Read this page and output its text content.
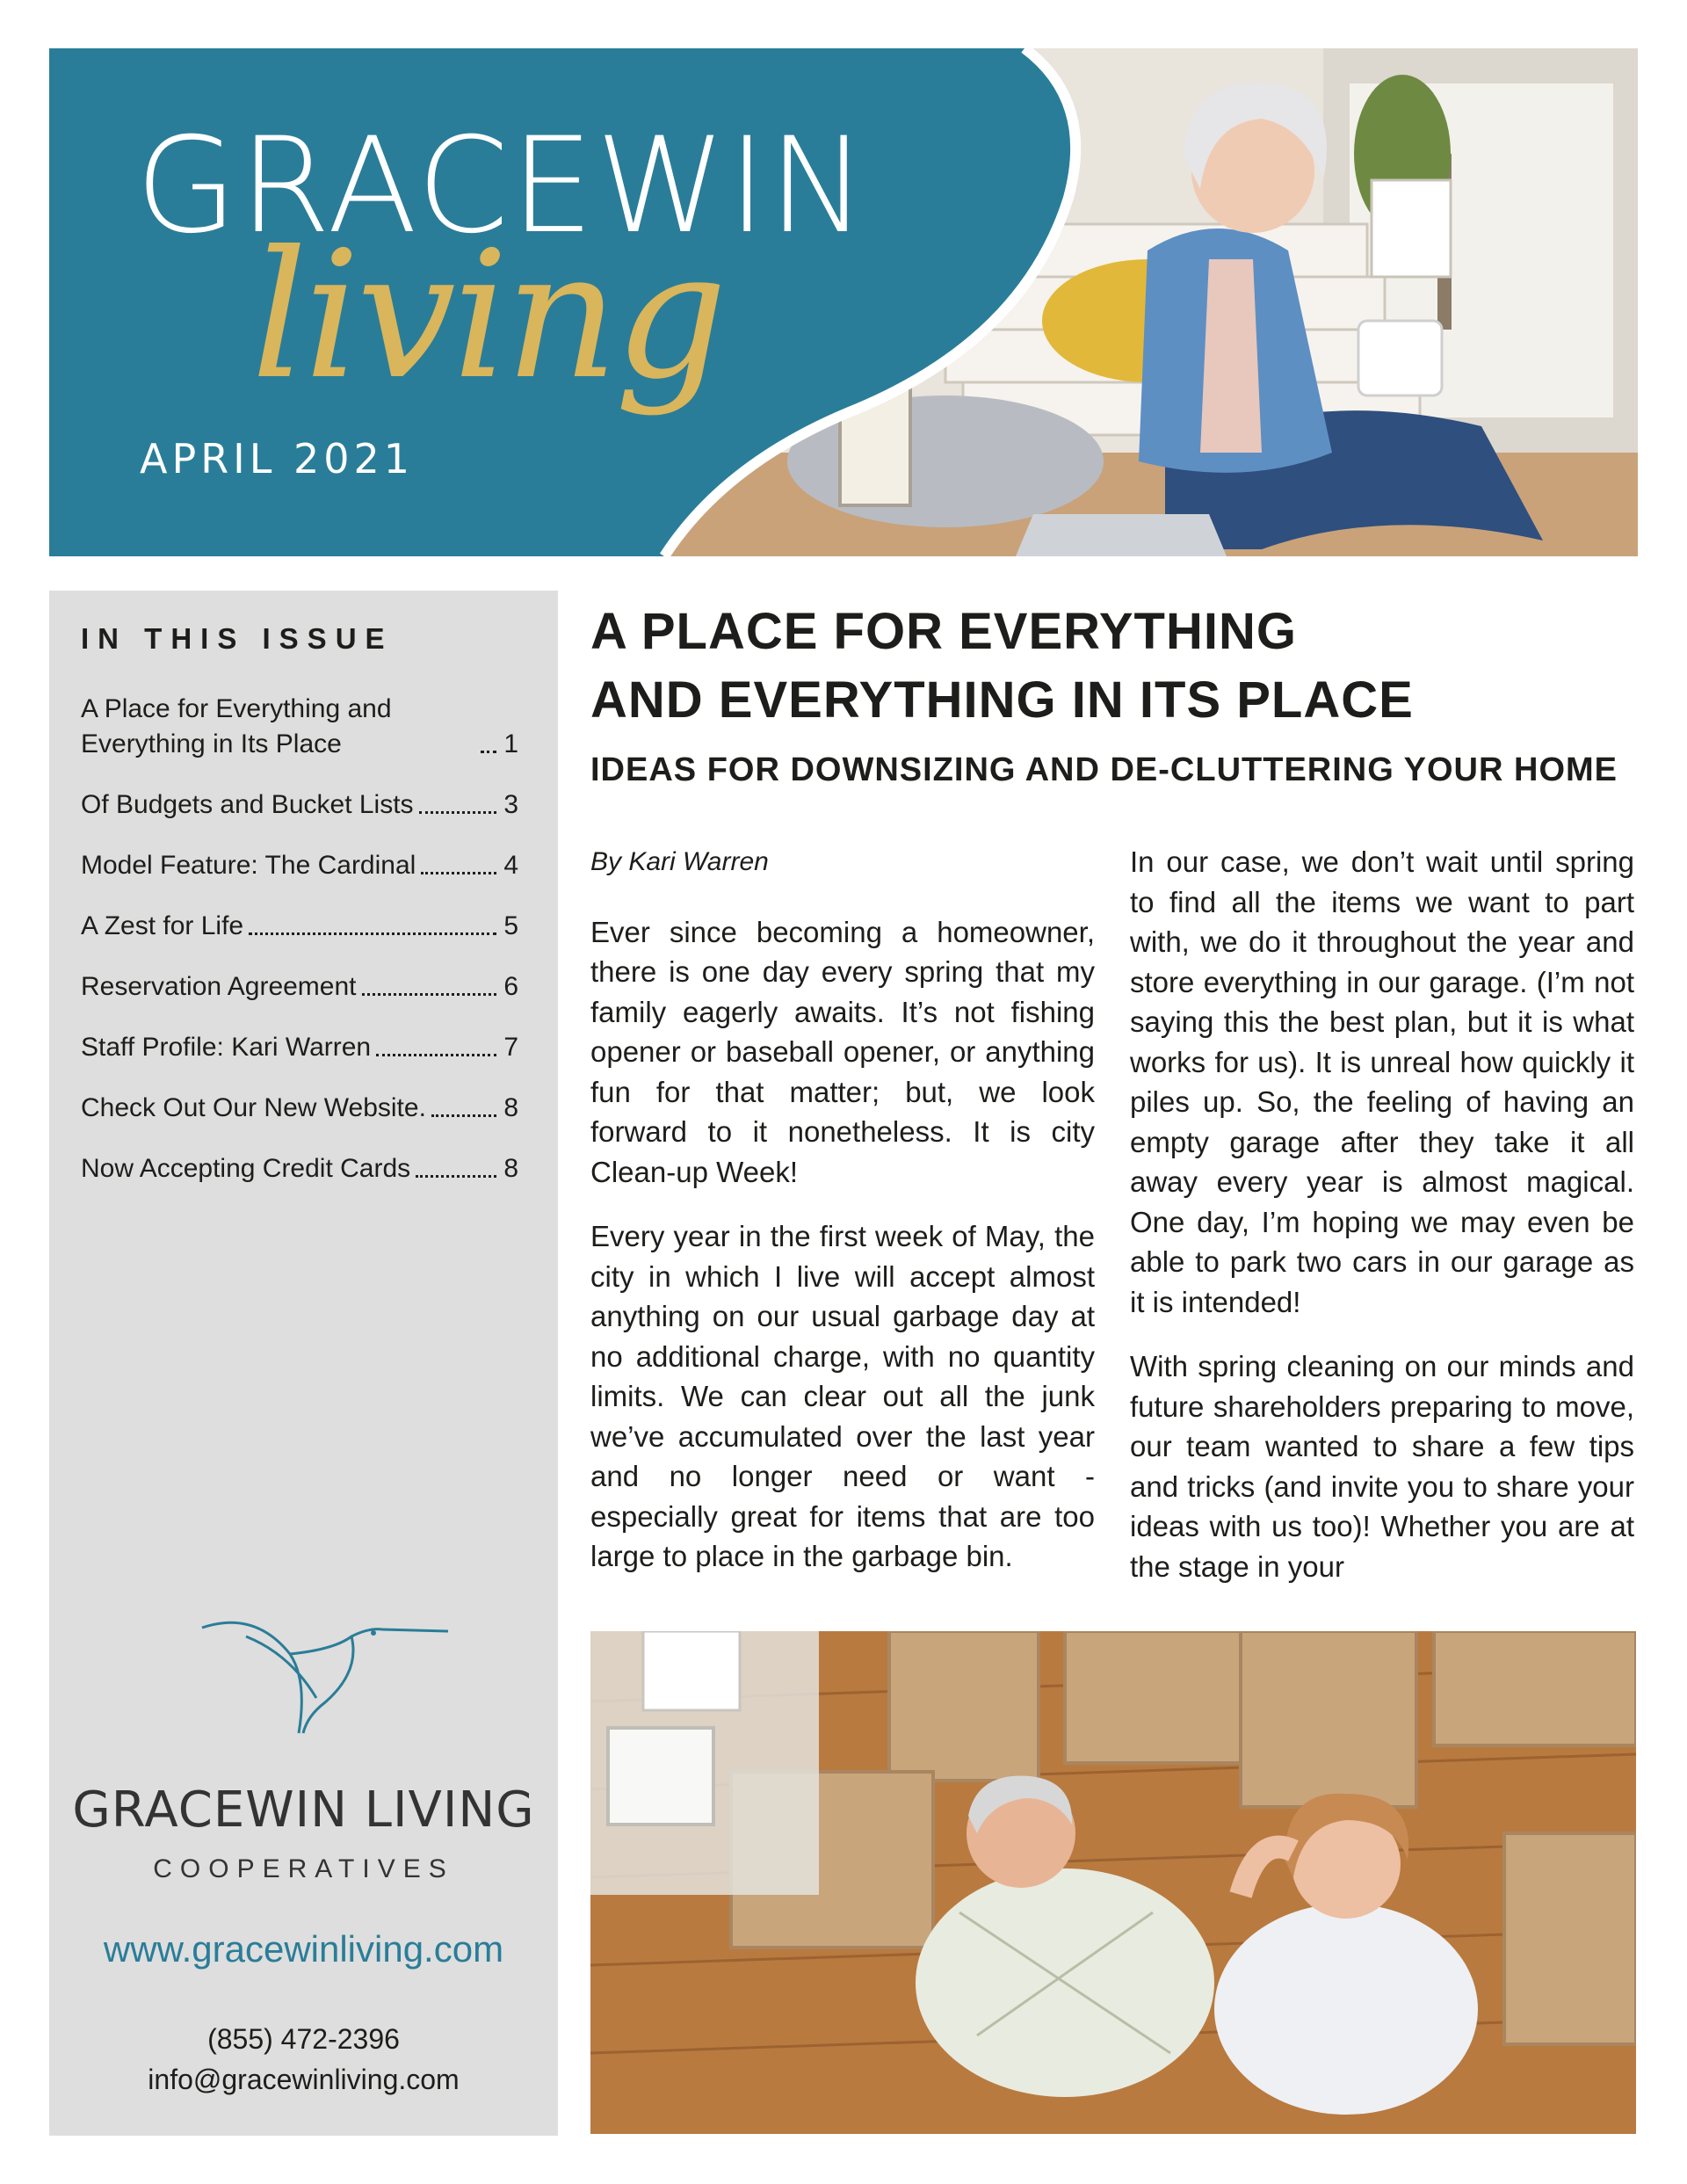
GRACEWIN
living
APRIL 2021
IN THIS ISSUE
A Place for Everything and Everything in Its Place	1
Of Budgets and Bucket Lists	3
Model Feature: The Cardinal	4
A Zest for Life	5
Reservation Agreement	6
Staff Profile: Kari Warren	7
Check Out Our New Website.	8
Now Accepting Credit Cards	8
GRACEWIN LIVING
COOPERATIVES
www.gracewinliving.com
(855) 472-2396
info@gracewinliving.com
A PLACE FOR EVERYTHING
AND EVERYTHING IN ITS PLACE
IDEAS FOR DOWNSIZING AND DE-CLUTTERING YOUR HOME

By Kari Warren

Ever since becoming a homeowner, there is one day every spring that my family eagerly awaits. It’s not fishing opener or baseball opener, or anything fun for that matter; but, we look forward to it nonetheless. It is city Clean-up Week!

Every year in the first week of May, the city in which I live will accept almost anything on our usual garbage day at no additional charge, with no quantity limits. We can clear out all the junk we’ve accumulated over the last year and no longer need or want - especially great for items that are too large to place in the garbage bin.

In our case, we don’t wait until spring to find all the items we want to part with, we do it throughout the year and store everything in our garage. (I’m not saying this the best plan, but it is what works for us). It is unreal how quickly it piles up. So, the feeling of having an empty garage after they take it all away every year is almost magical. One day, I’m hoping we may even be able to park two cars in our garage as it is intended!

With spring cleaning on our minds and future shareholders preparing to move, our team wanted to share a few tips and tricks (and invite you to share your ideas with us too)! Whether you are at the stage in your
